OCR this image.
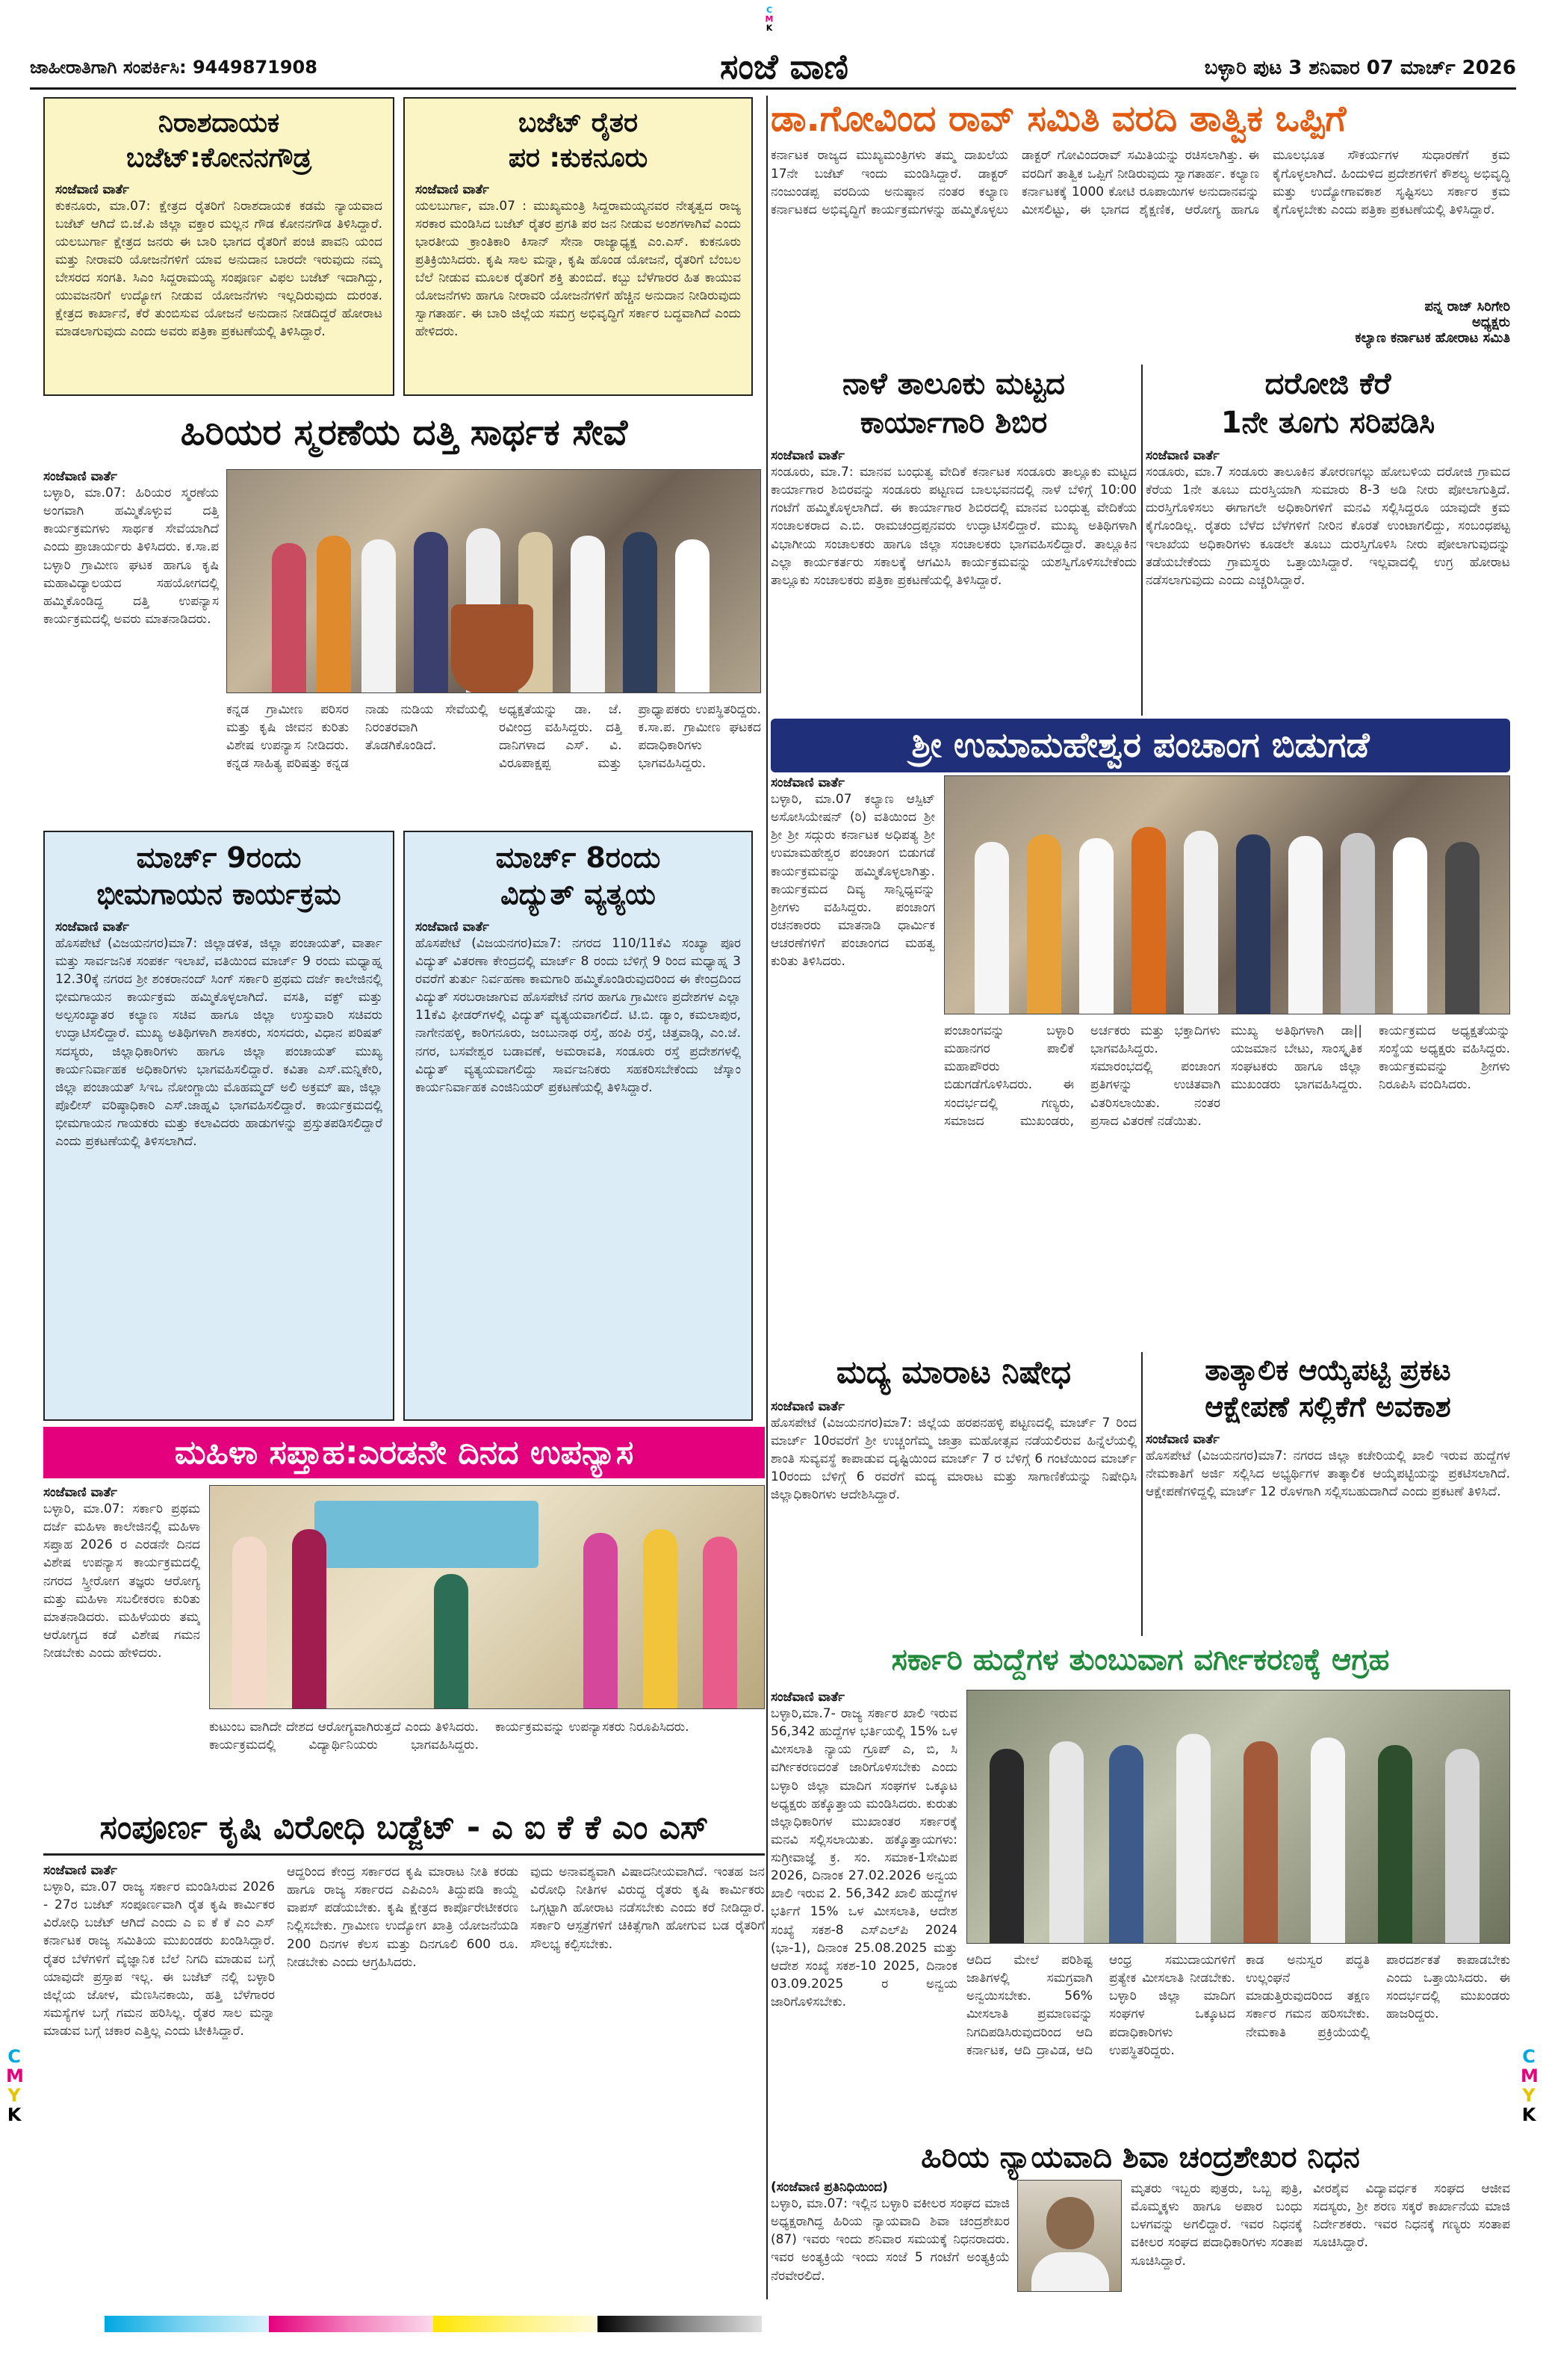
C
M
K
C
M
Y
K
C
M
Y
K
ಜಾಹೀರಾತಿಗಾಗಿ ಸಂಪರ್ಕಿಸಿ: 9449871908	ಸಂಜೆ ವಾಣಿ	ಬಳ್ಳಾರಿ ಪುಟ 3 ಶನಿವಾರ 07 ಮಾರ್ಚ್ 2026
ನಿರಾಶದಾಯಕ
ಬಜೆಟ್:ಕೋನನಗೌಡ್ರ
ಸಂಜೆವಾಣಿ ವಾರ್ತೆ
ಕುಕನೂರು, ಮಾ.07: ಕ್ಷೇತ್ರದ ರೈತರಿಗೆ ನಿರಾಶದಾಯಕ ಕಡಮೆ ನ್ಯಾಯವಾದ ಬಜೆಟ್ ಆಗಿದೆ ಬಿ.ಜೆ.ಪಿ ಜಿಲ್ಲಾ ವಕ್ತಾರ ಮಲ್ಲನ ಗೌಡ ಕೋನನಗೌಡ ತಿಳಿಸಿದ್ದಾರೆ. ಯಲಬುರ್ಗಾ ಕ್ಷೇತ್ರದ ಜನರು ಈ ಬಾರಿ ಭಾಗದ ರೈತರಿಗೆ ಪಂಚಿ ಪಾವನಿ ಯಂದ ಮತ್ತು ನೀರಾವರಿ ಯೋಜನೆಗಳಿಗೆ ಯಾವ ಅನುದಾನ ಬಾರದೇ ಇರುವುದು ನಮ್ಮ ಬೇಸರದ ಸಂಗತಿ. ಸಿಎಂ ಸಿದ್ದರಾಮಯ್ಯ ಸಂಪೂರ್ಣ ವಿಫಲ ಬಜೆಟ್ ಇದಾಗಿದ್ದು, ಯುವಜನರಿಗೆ ಉದ್ಯೋಗ ನೀಡುವ ಯೋಜನೆಗಳು ಇಲ್ಲದಿರುವುದು ದುರಂತ. ಕ್ಷೇತ್ರದ ಕಾರ್ಖಾನೆ, ಕೆರೆ ತುಂಬಿಸುವ ಯೋಜನೆ ಅನುದಾನ ನೀಡದಿದ್ದರೆ ಹೋರಾಟ ಮಾಡಲಾಗುವುದು ಎಂದು ಅವರು ಪತ್ರಿಕಾ ಪ್ರಕಟಣೆಯಲ್ಲಿ ತಿಳಿಸಿದ್ದಾರೆ.
ಬಜೆಟ್ ರೈತರ
ಪರ :ಕುಕನೂರು
ಸಂಜೆವಾಣಿ ವಾರ್ತೆ
ಯಲಬುರ್ಗಾ, ಮಾ.07 : ಮುಖ್ಯಮಂತ್ರಿ ಸಿದ್ದರಾಮಯ್ಯನವರ ನೇತೃತ್ವದ ರಾಜ್ಯ ಸರಕಾರ ಮಂಡಿಸಿದ ಬಜೆಟ್ ರೈತರ ಪ್ರಗತಿ ಪರ ಜನ ನೀಡುವ ಅಂಶಗಳಾಗಿವೆ ಎಂದು ಭಾರತೀಯ ಕ್ರಾಂತಿಕಾರಿ ಕಿಸಾನ್ ಸೇನಾ ರಾಜ್ಯಾಧ್ಯಕ್ಷ ಎಂ.ಎಸ್. ಕುಕನೂರು ಪ್ರತಿಕ್ರಿಯಿಸಿದರು. ಕೃಷಿ ಸಾಲ ಮನ್ನಾ, ಕೃಷಿ ಹೊಂಡ ಯೋಜನೆ, ರೈತರಿಗೆ ಬೆಂಬಲ ಬೆಲೆ ನೀಡುವ ಮೂಲಕ ರೈತರಿಗೆ ಶಕ್ತಿ ತುಂಬಿದೆ. ಕಬ್ಬು ಬೆಳೆಗಾರರ ಹಿತ ಕಾಯುವ ಯೋಜನೆಗಳು ಹಾಗೂ ನೀರಾವರಿ ಯೋಜನೆಗಳಿಗೆ ಹೆಚ್ಚಿನ ಅನುದಾನ ನೀಡಿರುವುದು ಸ್ವಾಗತಾರ್ಹ. ಈ ಬಾರಿ ಜಿಲ್ಲೆಯ ಸಮಗ್ರ ಅಭಿವೃದ್ಧಿಗೆ ಸರ್ಕಾರ ಬದ್ಧವಾಗಿದೆ ಎಂದು ಹೇಳಿದರು.
ಡಾ.ಗೋವಿಂದ ರಾವ್ ಸಮಿತಿ ವರದಿ ತಾತ್ವಿಕ ಒಪ್ಪಿಗೆ
ಕರ್ನಾಟಕ ರಾಜ್ಯದ ಮುಖ್ಯಮಂತ್ರಿಗಳು ತಮ್ಮ ದಾಖಲೆಯ 17ನೇ ಬಜೆಟ್ ಇಂದು ಮಂಡಿಸಿದ್ದಾರೆ. ಡಾಕ್ಟರ್ ನಂಜುಂಡಪ್ಪ ವರದಿಯ ಅನುಷ್ಠಾನ ನಂತರ ಕಲ್ಯಾಣ ಕರ್ನಾಟಕದ ಅಭಿವೃದ್ಧಿಗೆ ಕಾರ್ಯಕ್ರಮಗಳನ್ನು ಹಮ್ಮಿಕೊಳ್ಳಲು ಡಾಕ್ಟರ್ ಗೋವಿಂದರಾವ್ ಸಮಿತಿಯನ್ನು ರಚಿಸಲಾಗಿತ್ತು. ಈ ವರದಿಗೆ ತಾತ್ವಿಕ ಒಪ್ಪಿಗೆ ನೀಡಿರುವುದು ಸ್ವಾಗತಾರ್ಹ. ಕಲ್ಯಾಣ ಕರ್ನಾಟಕಕ್ಕೆ 1000 ಕೋಟಿ ರೂಪಾಯಿಗಳ ಅನುದಾನವನ್ನು ಮೀಸಲಿಟ್ಟು, ಈ ಭಾಗದ ಶೈಕ್ಷಣಿಕ, ಆರೋಗ್ಯ ಹಾಗೂ ಮೂಲಭೂತ ಸೌಕರ್ಯಗಳ ಸುಧಾರಣೆಗೆ ಕ್ರಮ ಕೈಗೊಳ್ಳಲಾಗಿದೆ. ಹಿಂದುಳಿದ ಪ್ರದೇಶಗಳಿಗೆ ಕೌಶಲ್ಯ ಅಭಿವೃದ್ಧಿ ಮತ್ತು ಉದ್ಯೋಗಾವಕಾಶ ಸೃಷ್ಟಿಸಲು ಸರ್ಕಾರ ಕ್ರಮ ಕೈಗೊಳ್ಳಬೇಕು ಎಂದು ಪತ್ರಿಕಾ ಪ್ರಕಟಣೆಯಲ್ಲಿ ತಿಳಿಸಿದ್ದಾರೆ.
ಪನ್ನ ರಾಜ್ ಸಿರಿಗೇರಿ
ಅಧ್ಯಕ್ಷರು
ಕಲ್ಯಾಣ ಕರ್ನಾಟಕ ಹೋರಾಟ ಸಮಿತಿ
ಹಿರಿಯರ ಸ್ಮರಣೆಯ ದತ್ತಿ ಸಾರ್ಥಕ ಸೇವೆ
ಸಂಜೆವಾಣಿ ವಾರ್ತೆ
ಬಳ್ಳಾರಿ, ಮಾ.07: ಹಿರಿಯರ ಸ್ಮರಣೆಯ ಅಂಗವಾಗಿ ಹಮ್ಮಿಕೊಳ್ಳುವ ದತ್ತಿ ಕಾರ್ಯಕ್ರಮಗಳು ಸಾರ್ಥಕ ಸೇವೆಯಾಗಿದೆ ಎಂದು ಪ್ರಾಚಾರ್ಯರು ತಿಳಿಸಿದರು. ಕ.ಸಾ.ಪ ಬಳ್ಳಾರಿ ಗ್ರಾಮೀಣ ಘಟಕ ಹಾಗೂ ಕೃಷಿ ಮಹಾವಿದ್ಯಾಲಯದ ಸಹಯೋಗದಲ್ಲಿ ಹಮ್ಮಿಕೊಂಡಿದ್ದ ದತ್ತಿ ಉಪನ್ಯಾಸ ಕಾರ್ಯಕ್ರಮದಲ್ಲಿ ಅವರು ಮಾತನಾಡಿದರು.
ಕನ್ನಡ ಗ್ರಾಮೀಣ ಪರಿಸರ ಮತ್ತು ಕೃಷಿ ಜೀವನ ಕುರಿತು ವಿಶೇಷ ಉಪನ್ಯಾಸ ನೀಡಿದರು. ಕನ್ನಡ ಸಾಹಿತ್ಯ ಪರಿಷತ್ತು ಕನ್ನಡ ನಾಡು ನುಡಿಯ ಸೇವೆಯಲ್ಲಿ ನಿರಂತರವಾಗಿ ತೊಡಗಿಕೊಂಡಿದೆ.
ಅಧ್ಯಕ್ಷತೆಯನ್ನು ಡಾ. ಜೆ. ರವೀಂದ್ರ ವಹಿಸಿದ್ದರು. ದತ್ತಿ ದಾನಿಗಳಾದ ಎಸ್. ವಿ. ವಿರೂಪಾಕ್ಷಪ್ಪ ಮತ್ತು ಪ್ರಾಧ್ಯಾಪಕರು ಉಪಸ್ಥಿತರಿದ್ದರು. ಕ.ಸಾ.ಪ. ಗ್ರಾಮೀಣ ಘಟಕದ ಪದಾಧಿಕಾರಿಗಳು ಭಾಗವಹಿಸಿದ್ದರು.
ನಾಳೆ ತಾಲೂಕು ಮಟ್ಟದ
ಕಾರ್ಯಾಗಾರಿ ಶಿಬಿರ
ಸಂಜೆವಾಣಿ ವಾರ್ತೆ
ಸಂಡೂರು, ಮಾ.7: ಮಾನವ ಬಂಧುತ್ವ ವೇದಿಕೆ ಕರ್ನಾಟಕ ಸಂಡೂರು ತಾಲ್ಲೂಕು ಮಟ್ಟದ ಕಾರ್ಯಾಗಾರ ಶಿಬಿರವನ್ನು ಸಂಡೂರು ಪಟ್ಟಣದ ಬಾಲಭವನದಲ್ಲಿ ನಾಳೆ ಬೆಳಿಗ್ಗೆ 10:00 ಗಂಟೆಗೆ ಹಮ್ಮಿಕೊಳ್ಳಲಾಗಿದೆ. ಈ ಕಾರ್ಯಾಗಾರ ಶಿಬಿರದಲ್ಲಿ ಮಾನವ ಬಂಧುತ್ವ ವೇದಿಕೆಯ ಸಂಚಾಲಕರಾದ ಎ.ಬಿ. ರಾಮಚಂದ್ರಪ್ಪನವರು ಉದ್ಘಾಟಿಸಲಿದ್ದಾರೆ. ಮುಖ್ಯ ಅತಿಥಿಗಳಾಗಿ ವಿಭಾಗೀಯ ಸಂಚಾಲಕರು ಹಾಗೂ ಜಿಲ್ಲಾ ಸಂಚಾಲಕರು ಭಾಗವಹಿಸಲಿದ್ದಾರೆ. ತಾಲ್ಲೂಕಿನ ಎಲ್ಲಾ ಕಾರ್ಯಕರ್ತರು ಸಕಾಲಕ್ಕೆ ಆಗಮಿಸಿ ಕಾರ್ಯಕ್ರಮವನ್ನು ಯಶಸ್ವಿಗೊಳಿಸಬೇಕೆಂದು ತಾಲ್ಲೂಕು ಸಂಚಾಲಕರು ಪತ್ರಿಕಾ ಪ್ರಕಟಣೆಯಲ್ಲಿ ತಿಳಿಸಿದ್ದಾರೆ.
ದರೋಜಿ ಕೆರೆ
1ನೇ ತೂಗು ಸರಿಪಡಿಸಿ
ಸಂಜೆವಾಣಿ ವಾರ್ತೆ
ಸಂಡೂರು, ಮಾ.7 ಸಂಡೂರು ತಾಲೂಕಿನ ತೋರಣಗಲ್ಲು ಹೋಬಳಿಯ ದರೋಜಿ ಗ್ರಾಮದ ಕೆರೆಯ 1ನೇ ತೂಬು ದುರಸ್ತಿಯಾಗಿ ಸುಮಾರು 8-3 ಅಡಿ ನೀರು ಪೋಲಾಗುತ್ತಿದೆ. ದುರಸ್ತಿಗೊಳಿಸಲು ಈಗಾಗಲೇ ಅಧಿಕಾರಿಗಳಿಗೆ ಮನವಿ ಸಲ್ಲಿಸಿದ್ದರೂ ಯಾವುದೇ ಕ್ರಮ ಕೈಗೊಂಡಿಲ್ಲ. ರೈತರು ಬೆಳೆದ ಬೆಳೆಗಳಿಗೆ ನೀರಿನ ಕೊರತೆ ಉಂಟಾಗಲಿದ್ದು, ಸಂಬಂಧಪಟ್ಟ ಇಲಾಖೆಯ ಅಧಿಕಾರಿಗಳು ಕೂಡಲೇ ತೂಬು ದುರಸ್ತಿಗೊಳಿಸಿ ನೀರು ಪೋಲಾಗುವುದನ್ನು ತಡೆಯಬೇಕೆಂದು ಗ್ರಾಮಸ್ಥರು ಒತ್ತಾಯಿಸಿದ್ದಾರೆ. ಇಲ್ಲವಾದಲ್ಲಿ ಉಗ್ರ ಹೋರಾಟ ನಡೆಸಲಾಗುವುದು ಎಂದು ಎಚ್ಚರಿಸಿದ್ದಾರೆ.
ಶ್ರೀ ಉಮಾಮಹೇಶ್ವರ ಪಂಚಾಂಗ ಬಿಡುಗಡೆ
ಸಂಜೆವಾಣಿ ವಾರ್ತೆ
ಬಳ್ಳಾರಿ, ಮಾ.07 ಕಲ್ಯಾಣ ಆಸ್ಪಿಟ್ ಅಸೋಸಿಯೇಷನ್ (ರಿ) ವತಿಯಿಂದ ಶ್ರೀ ಶ್ರೀ ಶ್ರೀ ಸದ್ಗುರು ಕರ್ನಾಟಕ ಅಧಿಪತ್ಯ ಶ್ರೀ ಉಮಾಮಹೇಶ್ವರ ಪಂಚಾಂಗ ಬಿಡುಗಡೆ ಕಾರ್ಯಕ್ರಮವನ್ನು ಹಮ್ಮಿಕೊಳ್ಳಲಾಗಿತ್ತು. ಕಾರ್ಯಕ್ರಮದ ದಿವ್ಯ ಸಾನ್ನಿಧ್ಯವನ್ನು ಶ್ರೀಗಳು ವಹಿಸಿದ್ದರು. ಪಂಚಾಂಗ ರಚನಕಾರರು ಮಾತನಾಡಿ ಧಾರ್ಮಿಕ ಆಚರಣೆಗಳಿಗೆ ಪಂಚಾಂಗದ ಮಹತ್ವ ಕುರಿತು ತಿಳಿಸಿದರು.
ಪಂಚಾಂಗವನ್ನು ಬಳ್ಳಾರಿ ಮಹಾನಗರ ಪಾಲಿಕೆ ಮಹಾಪೌರರು ಬಿಡುಗಡೆಗೊಳಿಸಿದರು. ಈ ಸಂದರ್ಭದಲ್ಲಿ ಗಣ್ಯರು, ಸಮಾಜದ ಮುಖಂಡರು, ಅರ್ಚಕರು ಮತ್ತು ಭಕ್ತಾದಿಗಳು ಭಾಗವಹಿಸಿದ್ದರು. ಸಮಾರಂಭದಲ್ಲಿ ಪಂಚಾಂಗ ಪ್ರತಿಗಳನ್ನು ಉಚಿತವಾಗಿ ವಿತರಿಸಲಾಯಿತು. ನಂತರ ಪ್ರಸಾದ ವಿತರಣೆ ನಡೆಯಿತು.
ಮುಖ್ಯ ಅತಿಥಿಗಳಾಗಿ ಡಾ|| ಯಜಮಾನ ಬೇಟು, ಸಾಂಸ್ಕೃತಿಕ ಸಂಘಟಕರು ಹಾಗೂ ಜಿಲ್ಲಾ ಮುಖಂಡರು ಭಾಗವಹಿಸಿದ್ದರು. ಕಾರ್ಯಕ್ರಮದ ಅಧ್ಯಕ್ಷತೆಯನ್ನು ಸಂಸ್ಥೆಯ ಅಧ್ಯಕ್ಷರು ವಹಿಸಿದ್ದರು. ಕಾರ್ಯಕ್ರಮವನ್ನು ಶ್ರೀಗಳು ನಿರೂಪಿಸಿ ವಂದಿಸಿದರು.
ಮಾರ್ಚ್ 9ರಂದು
ಭೀಮಗಾಯನ ಕಾರ್ಯಕ್ರಮ
ಸಂಜೆವಾಣಿ ವಾರ್ತೆ
ಹೊಸಪೇಟೆ (ವಿಜಯನಗರ)ಮಾ7: ಜಿಲ್ಲಾಡಳಿತ, ಜಿಲ್ಲಾ ಪಂಚಾಯತ್, ವಾರ್ತಾ ಮತ್ತು ಸಾರ್ವಜನಿಕ ಸಂಪರ್ಕ ಇಲಾಖೆ, ವತಿಯಿಂದ ಮಾರ್ಚ್ 9 ರಂದು ಮಧ್ಯಾಹ್ನ 12.30ಕ್ಕೆ ನಗರದ ಶ್ರೀ ಶಂಕರಾನಂದ್ ಸಿಂಗ್ ಸರ್ಕಾರಿ ಪ್ರಥಮ ದರ್ಜೆ ಕಾಲೇಜಿನಲ್ಲಿ ಭೀಮಗಾಯನ ಕಾರ್ಯಕ್ರಮ ಹಮ್ಮಿಕೊಳ್ಳಲಾಗಿದೆ. ವಸತಿ, ವಕ್ಫ್ ಮತ್ತು ಅಲ್ಪಸಂಖ್ಯಾತರ ಕಲ್ಯಾಣ ಸಚಿವ ಹಾಗೂ ಜಿಲ್ಲಾ ಉಸ್ತುವಾರಿ ಸಚಿವರು ಉದ್ಘಾಟಿಸಲಿದ್ದಾರೆ. ಮುಖ್ಯ ಅತಿಥಿಗಳಾಗಿ ಶಾಸಕರು, ಸಂಸದರು, ವಿಧಾನ ಪರಿಷತ್ ಸದಸ್ಯರು, ಜಿಲ್ಲಾಧಿಕಾರಿಗಳು ಹಾಗೂ ಜಿಲ್ಲಾ ಪಂಚಾಯತ್ ಮುಖ್ಯ ಕಾರ್ಯನಿರ್ವಾಹಕ ಅಧಿಕಾರಿಗಳು ಭಾಗವಹಿಸಲಿದ್ದಾರೆ. ಕವಿತಾ ಎಸ್.ಮನ್ನಿಕೇರಿ, ಜಿಲ್ಲಾ ಪಂಚಾಯತ್ ಸಿಇಒ ನೋಂಗ್ಜಾಯಿ ಮೊಹಮ್ಮದ್ ಅಲಿ ಅಕ್ರಮ್ ಷಾ, ಜಿಲ್ಲಾ ಪೊಲೀಸ್ ವರಿಷ್ಠಾಧಿಕಾರಿ ಎಸ್.ಜಾಹ್ನವಿ ಭಾಗವಹಿಸಲಿದ್ದಾರೆ. ಕಾರ್ಯಕ್ರಮದಲ್ಲಿ ಭೀಮಗಾಯನ ಗಾಯಕರು ಮತ್ತು ಕಲಾವಿದರು ಹಾಡುಗಳನ್ನು ಪ್ರಸ್ತುತಪಡಿಸಲಿದ್ದಾರೆ ಎಂದು ಪ್ರಕಟಣೆಯಲ್ಲಿ ತಿಳಿಸಲಾಗಿದೆ.
ಮಾರ್ಚ್ 8ರಂದು
ವಿದ್ಯುತ್ ವ್ಯತ್ಯಯ
ಸಂಜೆವಾಣಿ ವಾರ್ತೆ
ಹೊಸಪೇಟೆ (ವಿಜಯನಗರ)ಮಾ7: ನಗರದ 110/11ಕೆವಿ ಸಂಖ್ಯಾ ಪೂರ ವಿದ್ಯುತ್ ವಿತರಣಾ ಕೇಂದ್ರದಲ್ಲಿ ಮಾರ್ಚ್ 8 ರಂದು ಬೆಳಿಗ್ಗೆ 9 ರಿಂದ ಮಧ್ಯಾಹ್ನ 3 ರವರೆಗೆ ತುರ್ತು ನಿರ್ವಹಣಾ ಕಾಮಗಾರಿ ಹಮ್ಮಿಕೊಂಡಿರುವುದರಿಂದ ಈ ಕೇಂದ್ರದಿಂದ ವಿದ್ಯುತ್ ಸರಬರಾಜಾಗುವ ಹೊಸಪೇಟೆ ನಗರ ಹಾಗೂ ಗ್ರಾಮೀಣ ಪ್ರದೇಶಗಳ ಎಲ್ಲಾ 11ಕೆವಿ ಫೀಡರ್‌ಗಳಲ್ಲಿ ವಿದ್ಯುತ್ ವ್ಯತ್ಯಯವಾಗಲಿದೆ. ಟಿ.ಬಿ. ಡ್ಯಾಂ, ಕಮಲಾಪುರ, ನಾಗೇನಹಳ್ಳಿ, ಕಾರಿಗನೂರು, ಜಂಬುನಾಥ ರಸ್ತೆ, ಹಂಪಿ ರಸ್ತೆ, ಚಿತ್ತವಾಡ್ಗಿ, ಎಂ.ಜೆ. ನಗರ, ಬಸವೇಶ್ವರ ಬಡಾವಣೆ, ಅಮರಾವತಿ, ಸಂಡೂರು ರಸ್ತೆ ಪ್ರದೇಶಗಳಲ್ಲಿ ವಿದ್ಯುತ್ ವ್ಯತ್ಯಯವಾಗಲಿದ್ದು ಸಾರ್ವಜನಿಕರು ಸಹಕರಿಸಬೇಕೆಂದು ಜೆಸ್ಕಾಂ ಕಾರ್ಯನಿರ್ವಾಹಕ ಎಂಜಿನಿಯರ್ ಪ್ರಕಟಣೆಯಲ್ಲಿ ತಿಳಿಸಿದ್ದಾರೆ.
ಮಹಿಳಾ ಸಪ್ತಾಹ:ಎರಡನೇ ದಿನದ ಉಪನ್ಯಾಸ
ಸಂಜೆವಾಣಿ ವಾರ್ತೆ
ಬಳ್ಳಾರಿ, ಮಾ.07: ಸರ್ಕಾರಿ ಪ್ರಥಮ ದರ್ಜೆ ಮಹಿಳಾ ಕಾಲೇಜಿನಲ್ಲಿ ಮಹಿಳಾ ಸಪ್ತಾಹ 2026 ರ ಎರಡನೇ ದಿನದ ವಿಶೇಷ ಉಪನ್ಯಾಸ ಕಾರ್ಯಕ್ರಮದಲ್ಲಿ ನಗರದ ಸ್ತ್ರೀರೋಗ ತಜ್ಞರು ಆರೋಗ್ಯ ಮತ್ತು ಮಹಿಳಾ ಸಬಲೀಕರಣ ಕುರಿತು ಮಾತನಾಡಿದರು. ಮಹಿಳೆಯರು ತಮ್ಮ ಆರೋಗ್ಯದ ಕಡೆ ವಿಶೇಷ ಗಮನ ನೀಡಬೇಕು ಎಂದು ಹೇಳಿದರು.
ಕುಟುಂಬ ವಾಗಿದೇ ದೇಶದ ಆರೋಗ್ಯವಾಗಿರುತ್ತದೆ ಎಂದು ತಿಳಿಸಿದರು. ಕಾರ್ಯಕ್ರಮದಲ್ಲಿ ವಿದ್ಯಾರ್ಥಿನಿಯರು ಭಾಗವಹಿಸಿದ್ದರು. ಕಾರ್ಯಕ್ರಮವನ್ನು ಉಪನ್ಯಾಸಕರು ನಿರೂಪಿಸಿದರು.
ಮದ್ಯ ಮಾರಾಟ ನಿಷೇಧ
ಸಂಜೆವಾಣಿ ವಾರ್ತೆ
ಹೊಸಪೇಟೆ (ವಿಜಯನಗರ)ಮಾ7: ಜಿಲ್ಲೆಯ ಹರಪನಹಳ್ಳಿ ಪಟ್ಟಣದಲ್ಲಿ ಮಾರ್ಚ್ 7 ರಿಂದ ಮಾರ್ಚ್ 10ರವರೆಗೆ ಶ್ರೀ ಉಚ್ಚಂಗೆಮ್ಮ ಜಾತ್ರಾ ಮಹೋತ್ಸವ ನಡೆಯಲಿರುವ ಹಿನ್ನೆಲೆಯಲ್ಲಿ ಶಾಂತಿ ಸುವ್ಯವಸ್ಥೆ ಕಾಪಾಡುವ ದೃಷ್ಟಿಯಿಂದ ಮಾರ್ಚ್ 7 ರ ಬೆಳಿಗ್ಗೆ 6 ಗಂಟೆಯಿಂದ ಮಾರ್ಚ್ 10ರಂದು ಬೆಳಿಗ್ಗೆ 6 ರವರೆಗೆ ಮದ್ಯ ಮಾರಾಟ ಮತ್ತು ಸಾಗಾಣಿಕೆಯನ್ನು ನಿಷೇಧಿಸಿ ಜಿಲ್ಲಾಧಿಕಾರಿಗಳು ಆದೇಶಿಸಿದ್ದಾರೆ.
ತಾತ್ಕಾಲಿಕ ಆಯ್ಕೆಪಟ್ಟಿ ಪ್ರಕಟ
ಆಕ್ಷೇಪಣೆ ಸಲ್ಲಿಕೆಗೆ ಅವಕಾಶ
ಸಂಜೆವಾಣಿ ವಾರ್ತೆ
ಹೊಸಪೇಟೆ (ವಿಜಯನಗರ)ಮಾ7: ನಗರದ ಜಿಲ್ಲಾ ಕಚೇರಿಯಲ್ಲಿ ಖಾಲಿ ಇರುವ ಹುದ್ದೆಗಳ ನೇಮಕಾತಿಗೆ ಅರ್ಜಿ ಸಲ್ಲಿಸಿದ ಅಭ್ಯರ್ಥಿಗಳ ತಾತ್ಕಾಲಿಕ ಆಯ್ಕೆಪಟ್ಟಿಯನ್ನು ಪ್ರಕಟಿಸಲಾಗಿದೆ. ಆಕ್ಷೇಪಣೆಗಳಿದ್ದಲ್ಲಿ ಮಾರ್ಚ್ 12 ರೊಳಗಾಗಿ ಸಲ್ಲಿಸಬಹುದಾಗಿದೆ ಎಂದು ಪ್ರಕಟಣೆ ತಿಳಿಸಿದೆ.
ಸರ್ಕಾರಿ ಹುದ್ದೆಗಳ ತುಂಬುವಾಗ ವರ್ಗೀಕರಣಕ್ಕೆ ಆಗ್ರಹ
ಸಂಜೆವಾಣಿ ವಾರ್ತೆ
ಬಳ್ಳಾರಿ,ಮಾ.7- ರಾಜ್ಯ ಸರ್ಕಾರ ಖಾಲಿ ಇರುವ 56,342 ಹುದ್ದೆಗಳ ಭರ್ತಿಯಲ್ಲಿ 15% ಒಳ ಮೀಸಲಾತಿ ನ್ಯಾಯ ಗ್ರೂಪ್ ಎ, ಬಿ, ಸಿ ವರ್ಗೀಕರಣದಂತೆ ಜಾರಿಗೊಳಿಸಬೇಕು ಎಂದು ಬಳ್ಳಾರಿ ಜಿಲ್ಲಾ ಮಾದಿಗ ಸಂಘಗಳ ಒಕ್ಕೂಟ ಅಧ್ಯಕ್ಷರು ಹಕ್ಕೊತ್ತಾಯ ಮಂಡಿಸಿದರು. ಕುರುತು ಜಿಲ್ಲಾಧಿಕಾರಿಗಳ ಮುಖಾಂತರ ಸರ್ಕಾರಕ್ಕೆ ಮನವಿ ಸಲ್ಲಿಸಲಾಯಿತು. ಹಕ್ಕೊತ್ತಾಯಗಳು: ಸುಗ್ರೀವಾಜ್ಞೆ ಕ್ರ. ಸಂ. ಸಮಾಕ-1ಸೇಮಿಪ 2026, ದಿನಾಂಕ 27.02.2026 ಅನ್ವಯ ಖಾಲಿ ಇರುವ 2. 56,342 ಖಾಲಿ ಹುದ್ದೆಗಳ ಭರ್ತಿಗೆ 15% ಒಳ ಮೀಸಲಾತಿ, ಆದೇಶ ಸಂಖ್ಯೆ ಸಕಶ-8 ಎಸ್‌ಎಲ್‌ಪಿ 2024 (ಭಾ-1), ದಿನಾಂಕ 25.08.2025 ಮತ್ತು ಆದೇಶ ಸಂಖ್ಯೆ ಸಕಶ-10 2025, ದಿನಾಂಕ 03.09.2025 ರ ಅನ್ವಯ ಜಾರಿಗೊಳಿಸಬೇಕು.
ಆದಿದ ಮೇಲೆ ಪರಿಶಿಷ್ಟ ಜಾತಿಗಳಲ್ಲಿ ಸಮಗ್ರವಾಗಿ ಅನ್ವಯಿಸಬೇಕು. 56% ಮೀಸಲಾತಿ ಪ್ರಮಾಣವನ್ನು ನಿಗದಿಪಡಿಸಿರುವುದರಿಂದ ಆದಿ ಕರ್ನಾಟಕ, ಆದಿ ದ್ರಾವಿಡ, ಆದಿ ಆಂಧ್ರ ಸಮುದಾಯಗಳಿಗೆ ಪ್ರತ್ಯೇಕ ಮೀಸಲಾತಿ ನೀಡಬೇಕು. ಬಳ್ಳಾರಿ ಜಿಲ್ಲಾ ಮಾದಿಗ ಸಂಘಗಳ ಒಕ್ಕೂಟದ ಪದಾಧಿಕಾರಿಗಳು ಉಪಸ್ಥಿತರಿದ್ದರು.
ಕಾಡ ಅನುಸ್ವರ ಪದ್ಧತಿ ಉಲ್ಲಂಘನೆ ಮಾಡುತ್ತಿರುವುದರಿಂದ ತಕ್ಷಣ ಸರ್ಕಾರ ಗಮನ ಹರಿಸಬೇಕು. ನೇಮಕಾತಿ ಪ್ರಕ್ರಿಯೆಯಲ್ಲಿ ಪಾರದರ್ಶಕತೆ ಕಾಪಾಡಬೇಕು ಎಂದು ಒತ್ತಾಯಿಸಿದರು. ಈ ಸಂದರ್ಭದಲ್ಲಿ ಮುಖಂಡರು ಹಾಜರಿದ್ದರು.
ಸಂಪೂರ್ಣ ಕೃಷಿ ವಿರೋಧಿ ಬಡ್ಜೆಟ್ - ಎ ಐ ಕೆ ಕೆ ಎಂ ಎಸ್
ಸಂಜೆವಾಣಿ ವಾರ್ತೆ
ಬಳ್ಳಾರಿ, ಮಾ.07 ರಾಜ್ಯ ಸರ್ಕಾರ ಮಂಡಿಸಿರುವ 2026 - 27ರ ಬಜೆಟ್ ಸಂಪೂರ್ಣವಾಗಿ ರೈತ ಕೃಷಿ ಕಾರ್ಮಿಕರ ವಿರೋಧಿ ಬಜೆಟ್ ಆಗಿದೆ ಎಂದು ಎ ಐ ಕೆ ಕೆ ಎಂ ಎಸ್ ಕರ್ನಾಟಕ ರಾಜ್ಯ ಸಮಿತಿಯ ಮುಖಂಡರು ಖಂಡಿಸಿದ್ದಾರೆ. ರೈತರ ಬೆಳೆಗಳಿಗೆ ವೈಜ್ಞಾನಿಕ ಬೆಲೆ ನಿಗದಿ ಮಾಡುವ ಬಗ್ಗೆ ಯಾವುದೇ ಪ್ರಸ್ತಾಪ ಇಲ್ಲ. ಈ ಬಜೆಟ್ ನಲ್ಲಿ ಬಳ್ಳಾರಿ ಜಿಲ್ಲೆಯ ಜೋಳ, ಮೆಣಸಿನಕಾಯಿ, ಹತ್ತಿ ಬೆಳೆಗಾರರ ಸಮಸ್ಯೆಗಳ ಬಗ್ಗೆ ಗಮನ ಹರಿಸಿಲ್ಲ. ರೈತರ ಸಾಲ ಮನ್ನಾ ಮಾಡುವ ಬಗ್ಗೆ ಚಕಾರ ಎತ್ತಿಲ್ಲ ಎಂದು ಟೀಕಿಸಿದ್ದಾರೆ.
ಆದ್ದರಿಂದ ಕೇಂದ್ರ ಸರ್ಕಾರದ ಕೃಷಿ ಮಾರಾಟ ನೀತಿ ಕರಡು ಹಾಗೂ ರಾಜ್ಯ ಸರ್ಕಾರದ ಎಪಿಎಂಸಿ ತಿದ್ದುಪಡಿ ಕಾಯ್ದೆ ವಾಪಸ್ ಪಡೆಯಬೇಕು. ಕೃಷಿ ಕ್ಷೇತ್ರದ ಕಾರ್ಪೊರೇಟೀಕರಣ ನಿಲ್ಲಿಸಬೇಕು. ಗ್ರಾಮೀಣ ಉದ್ಯೋಗ ಖಾತ್ರಿ ಯೋಜನೆಯಡಿ 200 ದಿನಗಳ ಕೆಲಸ ಮತ್ತು ದಿನಗೂಲಿ 600 ರೂ. ನೀಡಬೇಕು ಎಂದು ಆಗ್ರಹಿಸಿದರು.
ವುದು ಅನಾವಶ್ಯವಾಗಿ ವಿಷಾದನೀಯವಾಗಿದೆ. ಇಂತಹ ಜನ ವಿರೋಧಿ ನೀತಿಗಳ ವಿರುದ್ಧ ರೈತರು ಕೃಷಿ ಕಾರ್ಮಿಕರು ಒಗ್ಗಟ್ಟಾಗಿ ಹೋರಾಟ ನಡೆಸಬೇಕು ಎಂದು ಕರೆ ನೀಡಿದ್ದಾರೆ. ಸರ್ಕಾರಿ ಆಸ್ಪತ್ರೆಗಳಿಗೆ ಚಿಕಿತ್ಸೆಗಾಗಿ ಹೋಗುವ ಬಡ ರೈತರಿಗೆ ಸೌಲಭ್ಯ ಕಲ್ಪಿಸಬೇಕು.
ಹಿರಿಯ ನ್ಯಾಯವಾದಿ ಶಿವಾ ಚಂದ್ರಶೇಖರ ನಿಧನ
(ಸಂಜೆವಾಣಿ ಪ್ರತಿನಿಧಿಯಿಂದ)
ಬಳ್ಳಾರಿ, ಮಾ.07: ಇಲ್ಲಿನ ಬಳ್ಳಾರಿ ವಕೀಲರ ಸಂಘದ ಮಾಜಿ ಅಧ್ಯಕ್ಷರಾಗಿದ್ದ ಹಿರಿಯ ನ್ಯಾಯವಾದಿ ಶಿವಾ ಚಂದ್ರಶೇಖರ (87) ಇವರು ಇಂದು ಶನಿವಾರ ಸಮಯಕ್ಕೆ ನಿಧನರಾದರು. ಇವರ ಅಂತ್ಯಕ್ರಿಯೆ ಇಂದು ಸಂಜೆ 5 ಗಂಟೆಗೆ ಅಂತ್ಯಕ್ರಿಯೆ ನೆರವೇರಲಿದೆ.
ಮೃತರು ಇಬ್ಬರು ಪುತ್ರರು, ಒಬ್ಬ ಪುತ್ರಿ, ಮೊಮ್ಮಕ್ಕಳು ಹಾಗೂ ಅಪಾರ ಬಂಧು ಬಳಗವನ್ನು ಅಗಲಿದ್ದಾರೆ. ಇವರ ನಿಧನಕ್ಕೆ ವಕೀಲರ ಸಂಘದ ಪದಾಧಿಕಾರಿಗಳು ಸಂತಾಪ ಸೂಚಿಸಿದ್ದಾರೆ.
ವೀರಶೈವ ವಿದ್ಯಾವರ್ಧಕ ಸಂಘದ ಆಜೀವ ಸದಸ್ಯರು, ಶ್ರೀ ಶರಣ ಸಕ್ಕರೆ ಕಾರ್ಖಾನೆಯ ಮಾಜಿ ನಿರ್ದೇಶಕರು. ಇವರ ನಿಧನಕ್ಕೆ ಗಣ್ಯರು ಸಂತಾಪ ಸೂಚಿಸಿದ್ದಾರೆ.
